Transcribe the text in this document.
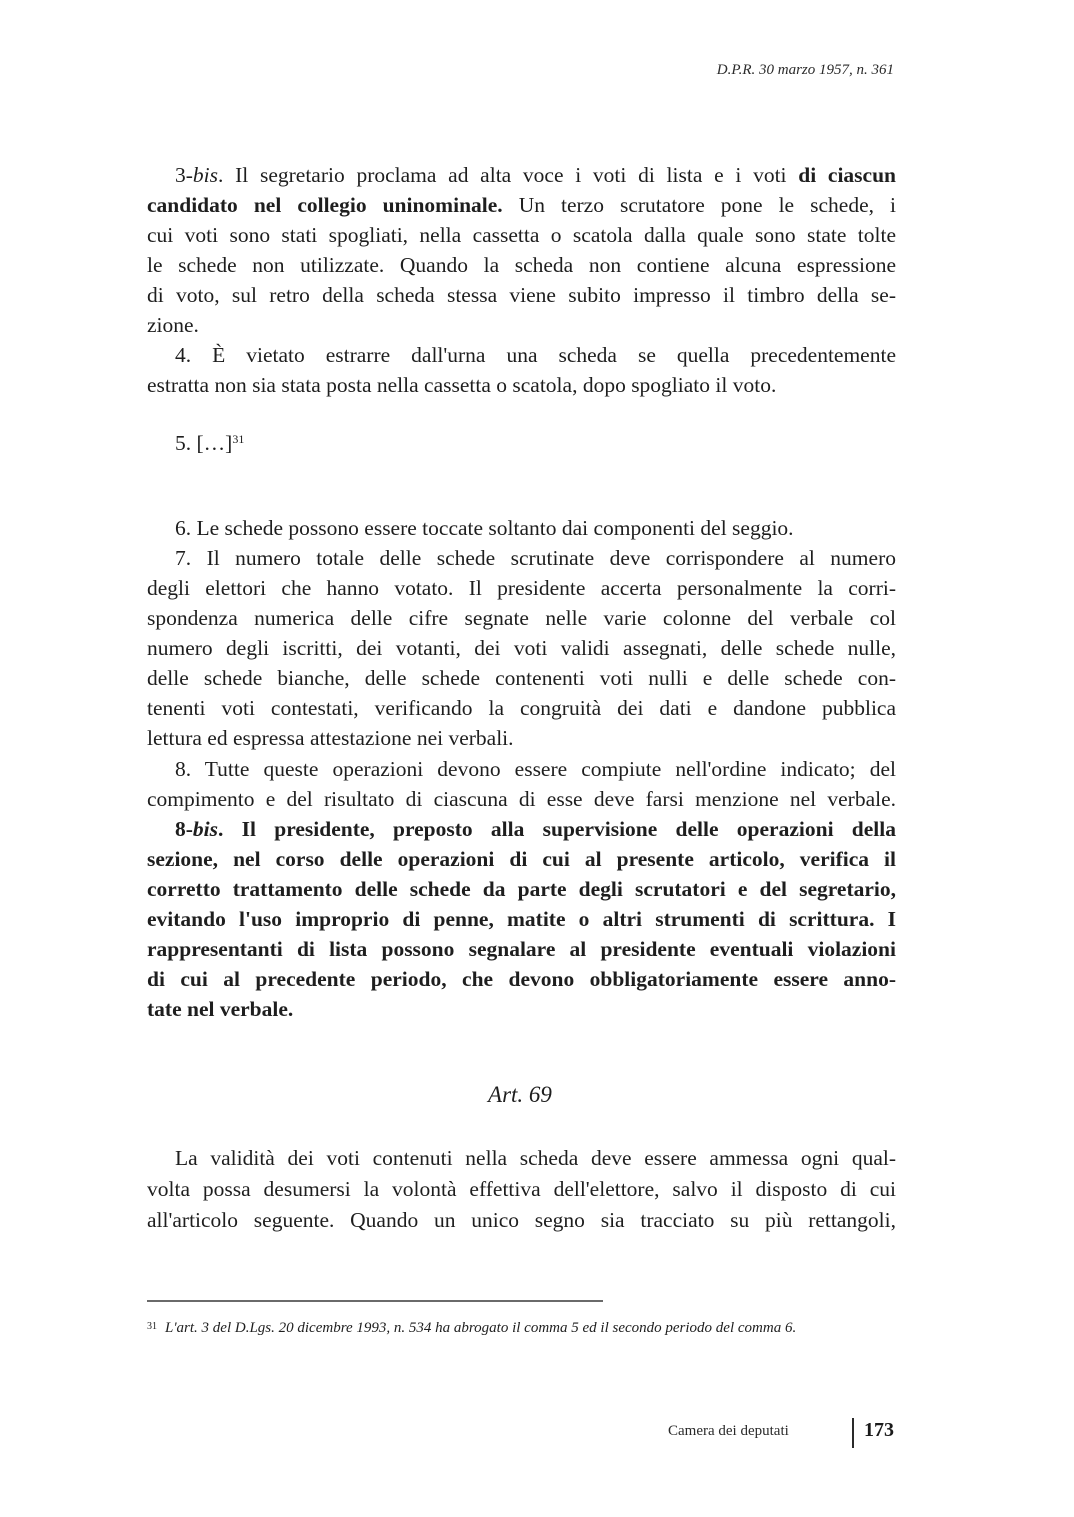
D.P.R. 30 marzo 1957, n. 361
3-bis. Il segretario proclama ad alta voce i voti di lista e i voti di ciascun
candidato nel collegio uninominale. Un terzo scrutatore pone le schede, i
cui voti sono stati spogliati, nella cassetta o scatola dalla quale sono state tolte
le schede non utilizzate. Quando la scheda non contiene alcuna espressione
di voto, sul retro della scheda stessa viene subito impresso il timbro della se-
zione.
4. È vietato estrarre dall'urna una scheda se quella precedentemente
estratta non sia stata posta nella cassetta o scatola, dopo spogliato il voto.
5. […]$^{31}$
6. Le schede possono essere toccate soltanto dai componenti del seggio.
7. Il numero totale delle schede scrutinate deve corrispondere al numero
degli elettori che hanno votato. Il presidente accerta personalmente la corri-
spondenza numerica delle cifre segnate nelle varie colonne del verbale col
numero degli iscritti, dei votanti, dei voti validi assegnati, delle schede nulle,
delle schede bianche, delle schede contenenti voti nulli e delle schede con-
tenenti voti contestati, verificando la congruità dei dati e dandone pubblica
lettura ed espressa attestazione nei verbali.
8. Tutte queste operazioni devono essere compiute nell'ordine indicato; del
compimento e del risultato di ciascuna di esse deve farsi menzione nel verbale.
8-bis. Il presidente, preposto alla supervisione delle operazioni della
sezione, nel corso delle operazioni di cui al presente articolo, verifica il
corretto trattamento delle schede da parte degli scrutatori e del segretario,
evitando l'uso improprio di penne, matite o altri strumenti di scrittura. I
rappresentanti di lista possono segnalare al presidente eventuali violazioni
di cui al precedente periodo, che devono obbligatoriamente essere anno-
tate nel verbale.
Art. 69
La validità dei voti contenuti nella scheda deve essere ammessa ogni qual-
volta possa desumersi la volontà effettiva dell'elettore, salvo il disposto di cui
all'articolo seguente. Quando un unico segno sia tracciato su più rettangoli,
$^{31}$ L'art. 3 del D.Lgs. 20 dicembre 1993, n. 534 ha abrogato il comma 5 ed il secondo periodo del comma 6.
Camera dei deputati	173
